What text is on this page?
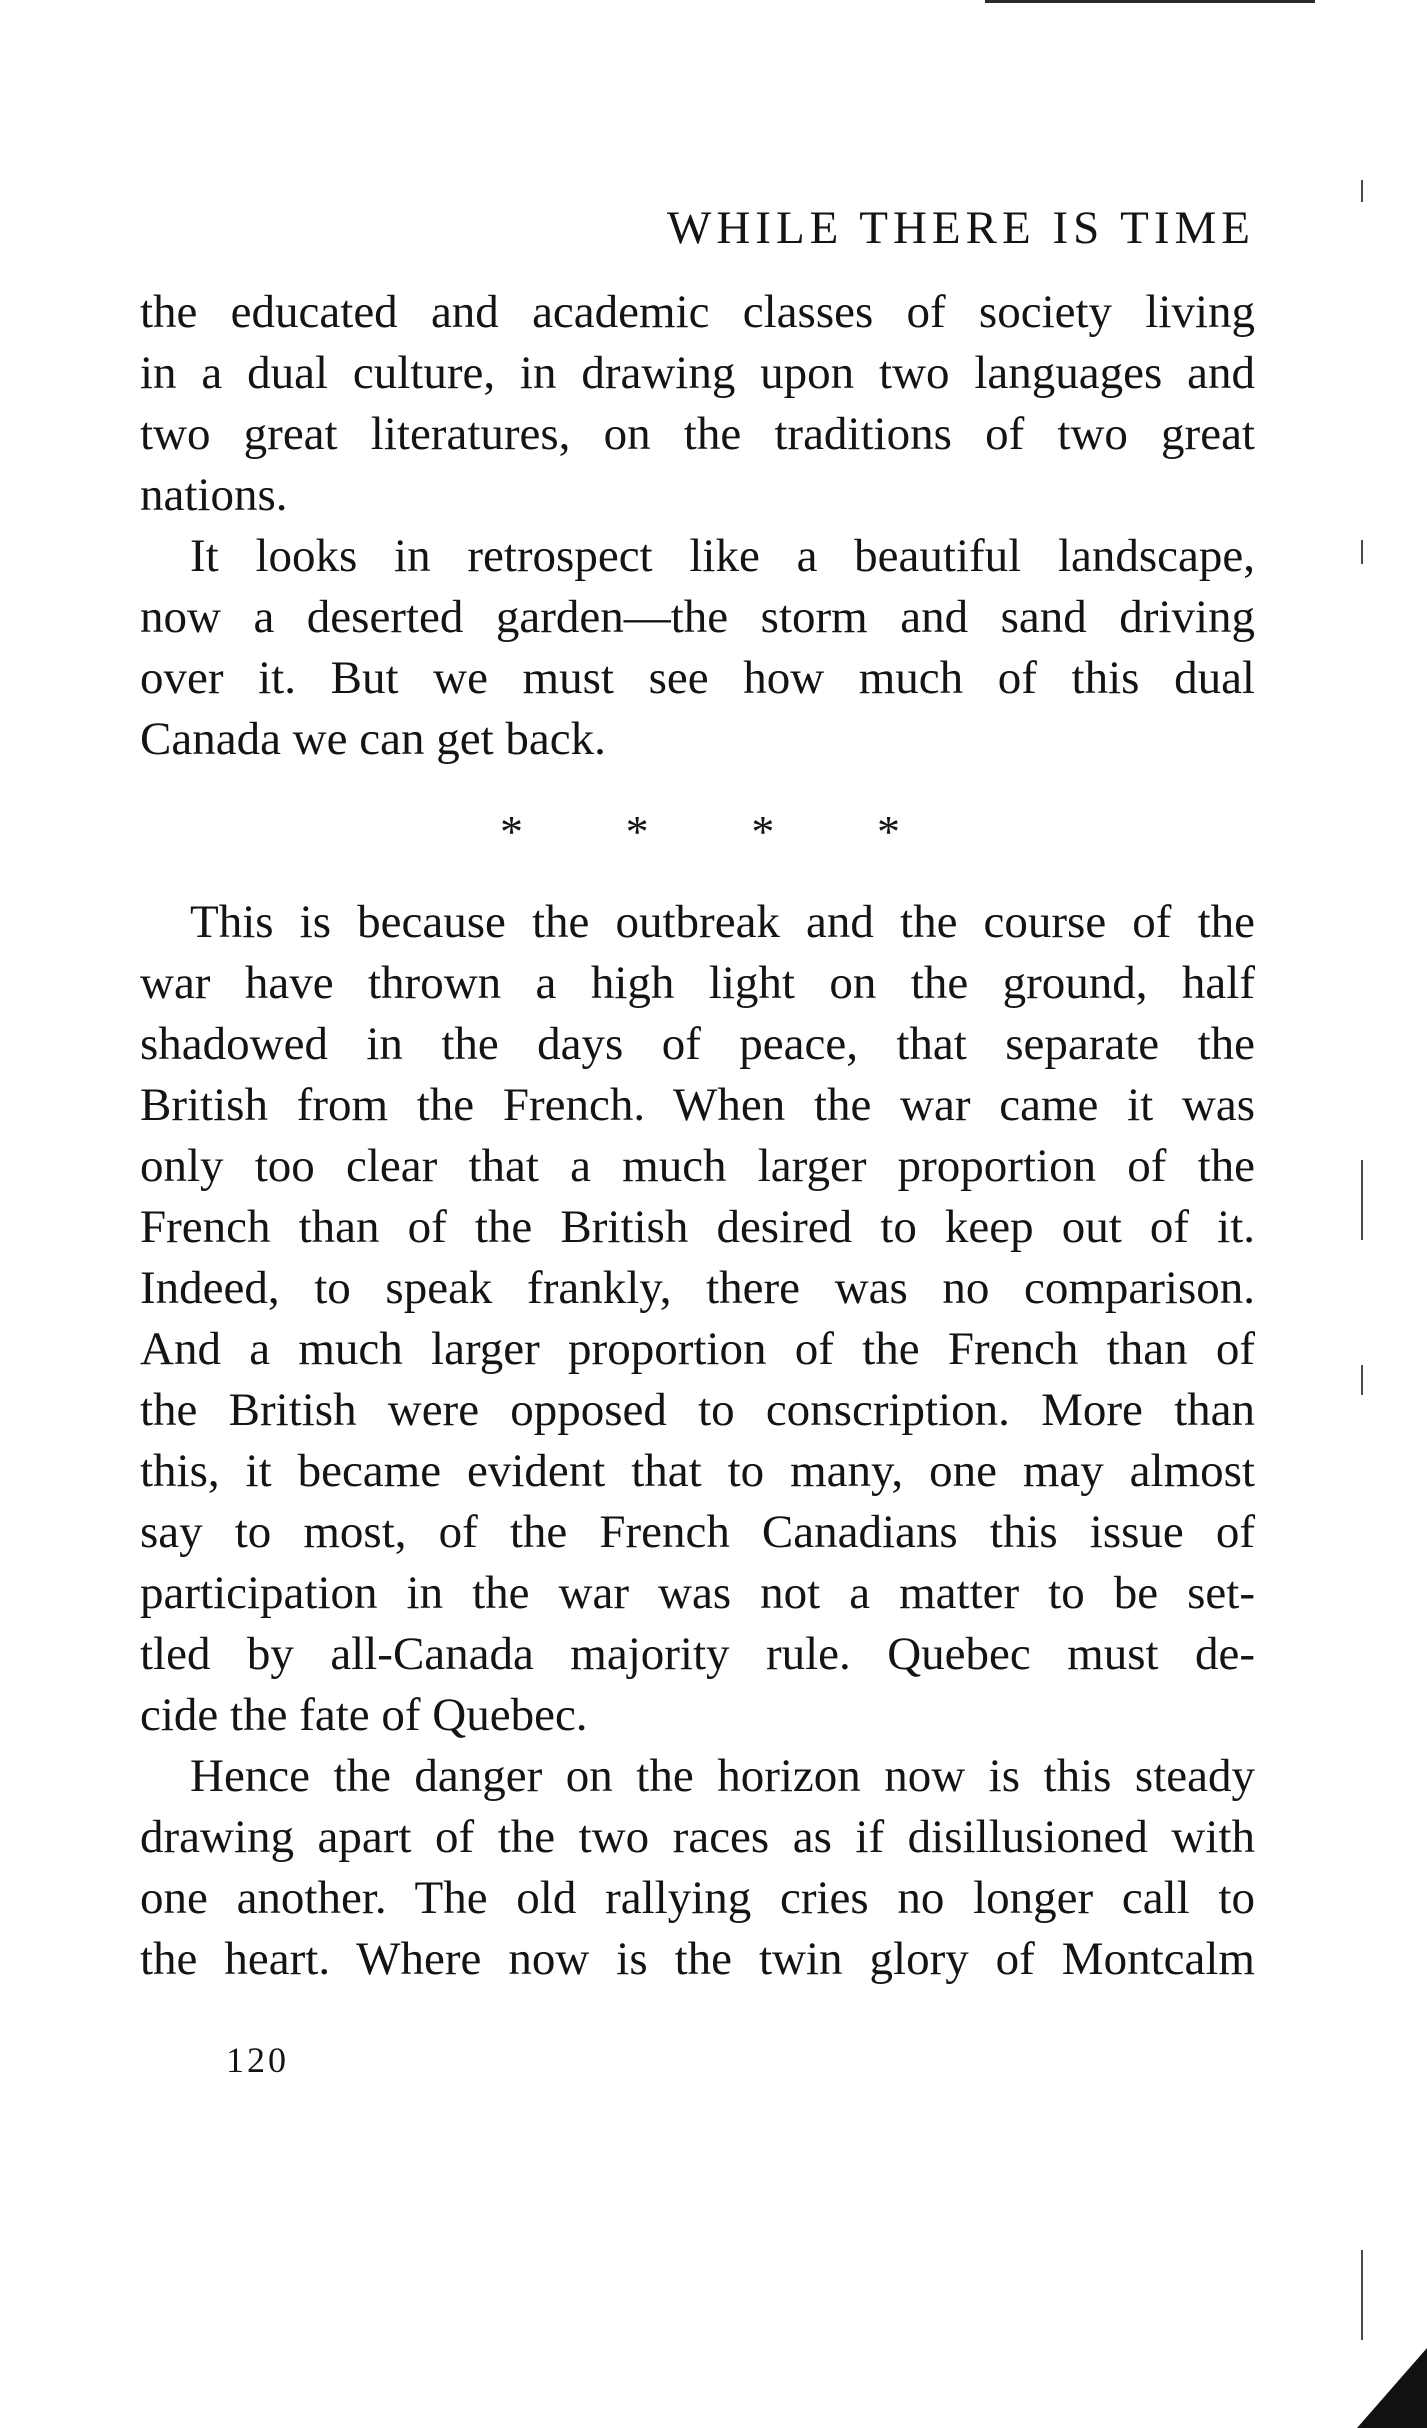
WHILE THERE IS TIME

the educated and academic classes of society living
in a dual culture, in drawing upon two languages and
two great literatures, on the traditions of two great
nations.

It looks in retrospect like a beautiful landscape,
now a deserted garden—the storm and sand driving
over it. But we must see how much of this dual
Canada we can get back.

* * * *

This is because the outbreak and the course of the
war have thrown a high light on the ground, half
shadowed in the days of peace, that separate the
British from the French. When the war came it was
only too clear that a much larger proportion of the
French than of the British desired to keep out of it.
Indeed, to speak frankly, there was no comparison.
And a much larger proportion of the French than of
the British were opposed to conscription. More than
this, it became evident that to many, one may almost
say to most, of the French Canadians this issue of
participation in the war was not a matter to be set-
tled by all-Canada majority rule. Quebec must de-
cide the fate of Quebec.

Hence the danger on the horizon now is this steady
drawing apart of the two races as if disillusioned with
one another. The old rallying cries no longer call to
the heart. Where now is the twin glory of Montcalm

120
